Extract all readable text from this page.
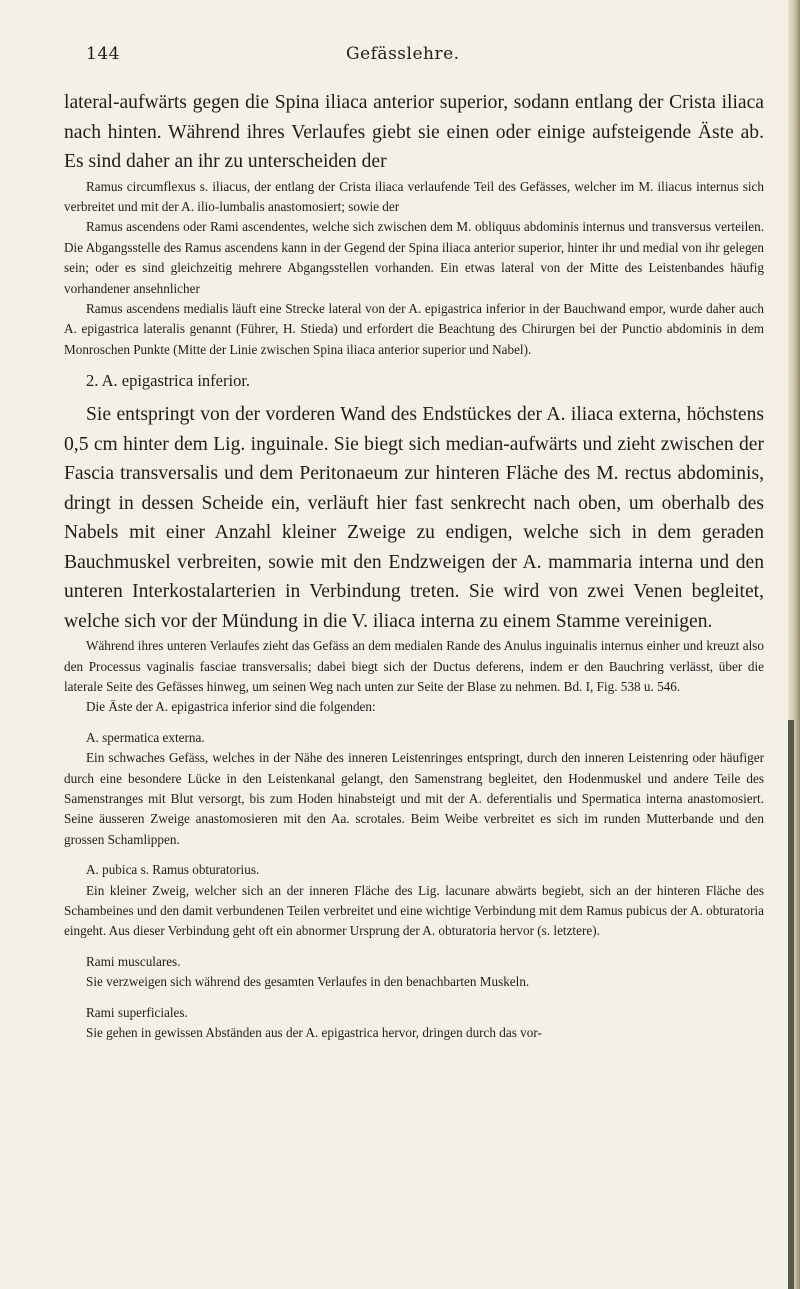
144	Gefässlehre.

lateral-aufwärts gegen die Spina iliaca anterior superior, sodann entlang der Crista iliaca nach hinten. Während ihres Verlaufes giebt sie einen oder einige aufsteigende Äste ab. Es sind daher an ihr zu unterscheiden der

Ramus circumflexus s. iliacus, der entlang der Crista iliaca verlaufende Teil des Gefässes, welcher im M. iliacus internus sich verbreitet und mit der A. ilio-lumbalis anastomosiert; sowie der

Ramus ascendens oder Rami ascendentes, welche sich zwischen dem M. obliquus abdominis internus und transversus verteilen. Die Abgangsstelle des Ramus ascendens kann in der Gegend der Spina iliaca anterior superior, hinter ihr und medial von ihr gelegen sein; oder es sind gleichzeitig mehrere Abgangsstellen vorhanden. Ein etwas lateral von der Mitte des Leistenbandes häufig vorhandener ansehnlicher

Ramus ascendens medialis läuft eine Strecke lateral von der A. epigastrica inferior in der Bauchwand empor, wurde daher auch A. epigastrica lateralis genannt (Führer, H. Stieda) und erfordert die Beachtung des Chirurgen bei der Punctio abdominis in dem Monroschen Punkte (Mitte der Linie zwischen Spina iliaca anterior superior und Nabel).

2. A. epigastrica inferior.

Sie entspringt von der vorderen Wand des Endstückes der A. iliaca externa, höchstens 0,5 cm hinter dem Lig. inguinale. Sie biegt sich median-aufwärts und zieht zwischen der Fascia transversalis und dem Peritonaeum zur hinteren Fläche des M. rectus abdominis, dringt in dessen Scheide ein, verläuft hier fast senkrecht nach oben, um oberhalb des Nabels mit einer Anzahl kleiner Zweige zu endigen, welche sich in dem geraden Bauchmuskel verbreiten, sowie mit den Endzweigen der A. mammaria interna und den unteren Interkostalarterien in Verbindung treten. Sie wird von zwei Venen begleitet, welche sich vor der Mündung in die V. iliaca interna zu einem Stamme vereinigen.

Während ihres unteren Verlaufes zieht das Gefäss an dem medialen Rande des Anulus inguinalis internus einher und kreuzt also den Processus vaginalis fasciae transversalis; dabei biegt sich der Ductus deferens, indem er den Bauchring verlässt, über die laterale Seite des Gefässes hinweg, um seinen Weg nach unten zur Seite der Blase zu nehmen. Bd. I, Fig. 538 u. 546.

Die Äste der A. epigastrica inferior sind die folgenden:

A. spermatica externa.

Ein schwaches Gefäss, welches in der Nähe des inneren Leistenringes entspringt, durch den inneren Leistenring oder häufiger durch eine besondere Lücke in den Leistenkanal gelangt, den Samenstrang begleitet, den Hodenmuskel und andere Teile des Samenstranges mit Blut versorgt, bis zum Hoden hinabsteigt und mit der A. deferentialis und Spermatica interna anastomosiert. Seine äusseren Zweige anastomosieren mit den Aa. scrotales. Beim Weibe verbreitet es sich im runden Mutterbande und den grossen Schamlippen.

A. pubica s. Ramus obturatorius.

Ein kleiner Zweig, welcher sich an der inneren Fläche des Lig. lacunare abwärts begiebt, sich an der hinteren Fläche des Schambeines und den damit verbundenen Teilen verbreitet und eine wichtige Verbindung mit dem Ramus pubicus der A. obturatoria eingeht. Aus dieser Verbindung geht oft ein abnormer Ursprung der A. obturatoria hervor (s. letztere).

Rami musculares.

Sie verzweigen sich während des gesamten Verlaufes in den benachbarten Muskeln.

Rami superficiales.

Sie gehen in gewissen Abständen aus der A. epigastrica hervor, dringen durch das vor-
